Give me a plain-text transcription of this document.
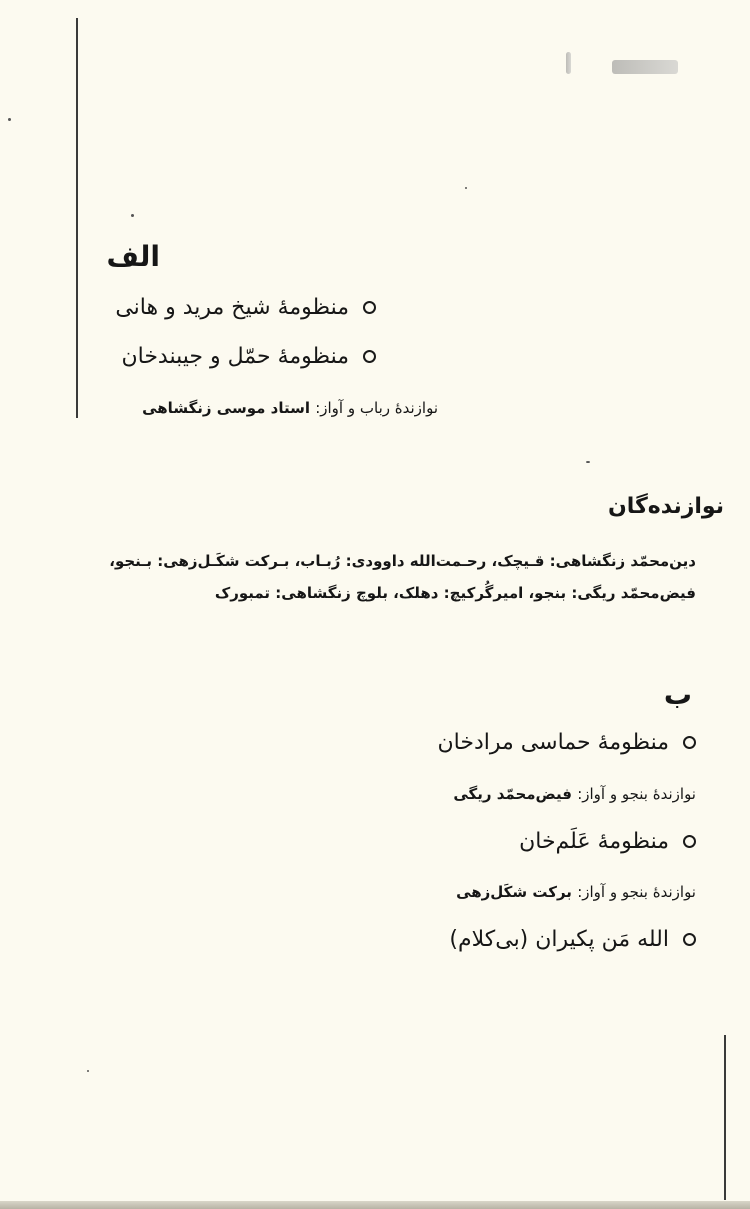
الف
منظومهٔ شیخ مرید و هانی
منظومهٔ حمّل و جیبندخان
نوازندهٔ رباب و آواز: استاد موسی زنگشاهی
نوازنده‌گان
دین‌محمّد زنگشاهی: قـیچک، رحـمت‌الله داوودی: رُبـاب، بـرکت شکَـل‌زهی: بـنجو،
فیض‌محمّد ریگی: بنجو، امیرگُرکیچ: دهلک، بلوچ زنگشاهی: تمبورک
ب
منظومهٔ حماسی مرادخان
نوازندهٔ بنجو و آواز: فیض‌محمّد ریگی
منظومهٔ عَلَم‌خان
نوازندهٔ بنجو و آواز: برکت شکَل‌زهی
الله مَن پکیران (بی‌کلام)
